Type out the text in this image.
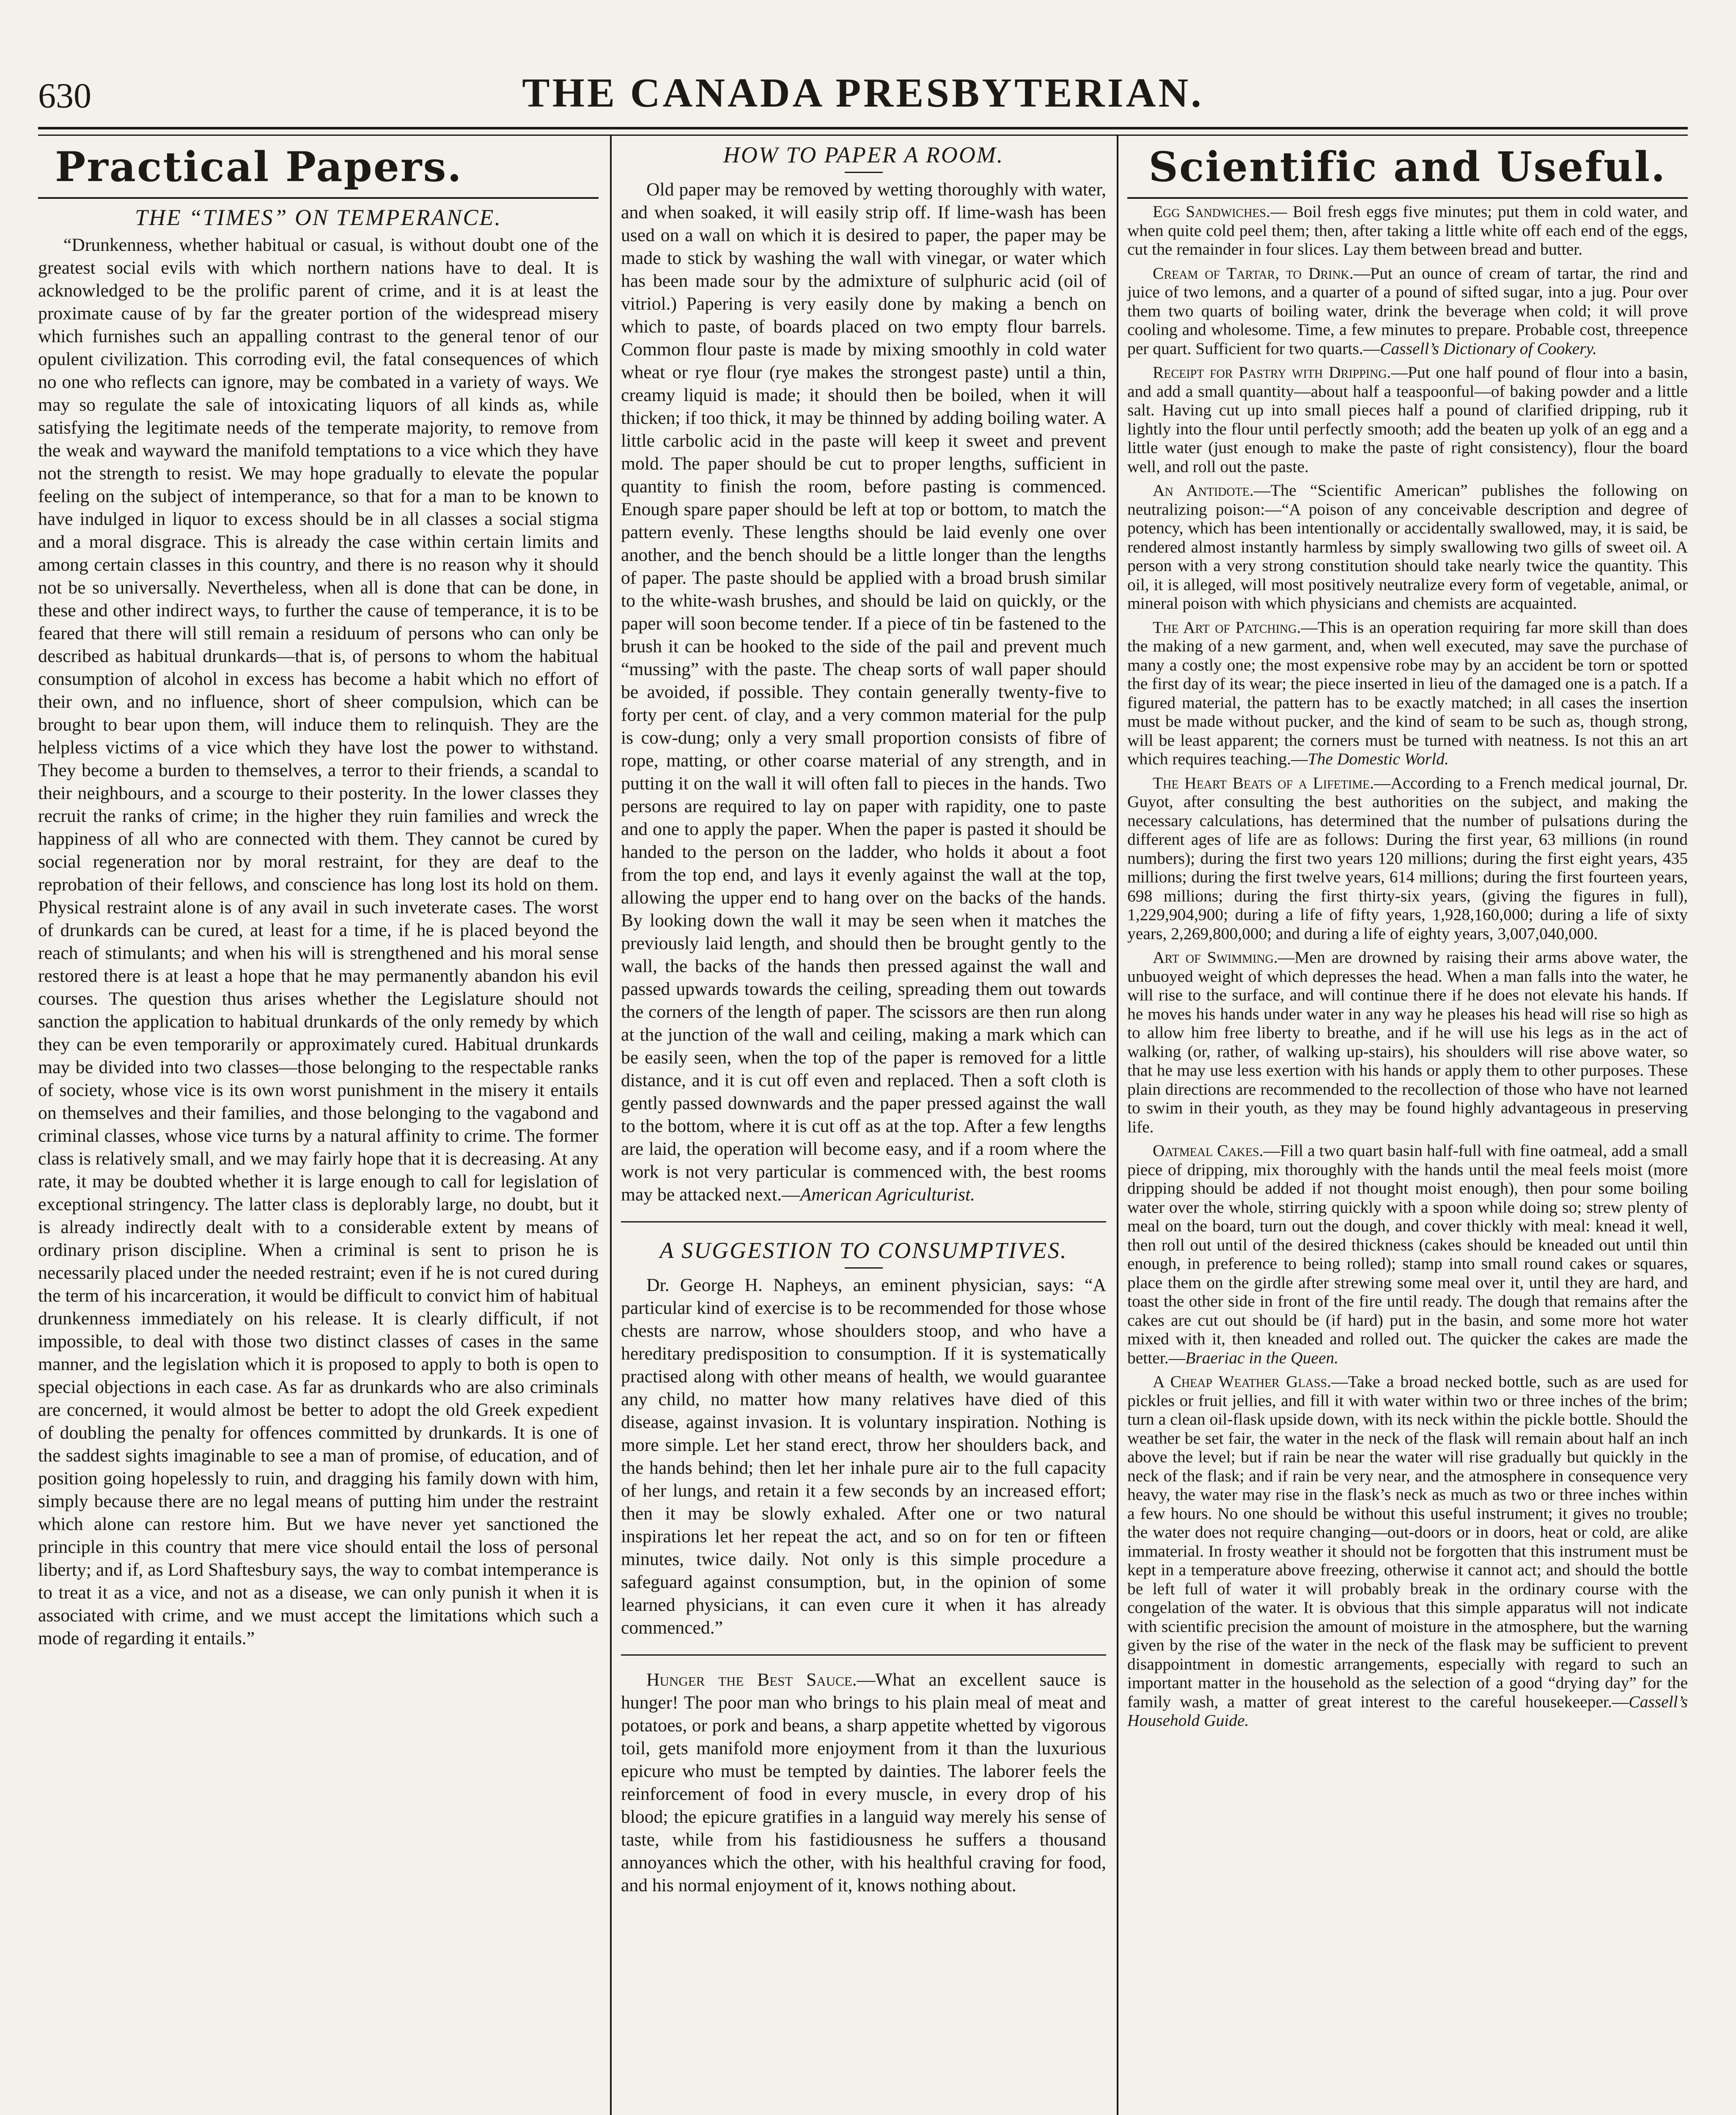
630	THE CANADA PRESBYTERIAN.
Practical Papers.
THE “TIMES” ON TEMPERANCE.

“Drunkenness, whether habitual or casual, is without doubt one of the greatest social evils with which northern nations have to deal. It is acknowledged to be the prolific parent of crime, and it is at least the proximate cause of by far the greater portion of the widespread misery which furnishes such an appalling contrast to the general tenor of our opulent civilization. This corroding evil, the fatal consequences of which no one who reflects can ignore, may be combated in a variety of ways. We may so regulate the sale of intoxicating liquors of all kinds as, while satisfying the legitimate needs of the temperate majority, to remove from the weak and wayward the manifold temptations to a vice which they have not the strength to resist. We may hope gradually to elevate the popular feeling on the subject of intemperance, so that for a man to be known to have indulged in liquor to excess should be in all classes a social stigma and a moral disgrace. This is already the case within certain limits and among certain classes in this country, and there is no reason why it should not be so universally. Nevertheless, when all is done that can be done, in these and other indirect ways, to further the cause of temperance, it is to be feared that there will still remain a residuum of persons who can only be described as habitual drunkards—that is, of persons to whom the habitual consumption of alcohol in excess has become a habit which no effort of their own, and no influence, short of sheer compulsion, which can be brought to bear upon them, will induce them to relinquish. They are the helpless victims of a vice which they have lost the power to withstand. They become a burden to themselves, a terror to their friends, a scandal to their neighbours, and a scourge to their posterity. In the lower classes they recruit the ranks of crime; in the higher they ruin families and wreck the happiness of all who are connected with them. They cannot be cured by social regeneration nor by moral restraint, for they are deaf to the reprobation of their fellows, and conscience has long lost its hold on them. Physical restraint alone is of any avail in such inveterate cases. The worst of drunkards can be cured, at least for a time, if he is placed beyond the reach of stimulants; and when his will is strengthened and his moral sense restored there is at least a hope that he may permanently abandon his evil courses. The question thus arises whether the Legislature should not sanction the application to habitual drunkards of the only remedy by which they can be even temporarily or approximately cured. Habitual drunkards may be divided into two classes—those belonging to the respectable ranks of society, whose vice is its own worst punishment in the misery it entails on themselves and their families, and those belonging to the vagabond and criminal classes, whose vice turns by a natural affinity to crime. The former class is relatively small, and we may fairly hope that it is decreasing. At any rate, it may be doubted whether it is large enough to call for legislation of exceptional stringency. The latter class is deplorably large, no doubt, but it is already indirectly dealt with to a considerable extent by means of ordinary prison discipline. When a criminal is sent to prison he is necessarily placed under the needed restraint; even if he is not cured during the term of his incarceration, it would be difficult to convict him of habitual drunkenness immediately on his release. It is clearly difficult, if not impossible, to deal with those two distinct classes of cases in the same manner, and the legislation which it is proposed to apply to both is open to special objections in each case. As far as drunkards who are also criminals are concerned, it would almost be better to adopt the old Greek expedient of doubling the penalty for offences committed by drunkards. It is one of the saddest sights imaginable to see a man of promise, of education, and of position going hopelessly to ruin, and dragging his family down with him, simply because there are no legal means of putting him under the restraint which alone can restore him. But we have never yet sanctioned the principle in this country that mere vice should entail the loss of personal liberty; and if, as Lord Shaftesbury says, the way to combat intemperance is to treat it as a vice, and not as a disease, we can only punish it when it is associated with crime, and we must accept the limitations which such a mode of regarding it entails.”

HOW TO PAPER A ROOM.

Old paper may be removed by wetting thoroughly with water, and when soaked, it will easily strip off. If lime-wash has been used on a wall on which it is desired to paper, the paper may be made to stick by washing the wall with vinegar, or water which has been made sour by the admixture of sulphuric acid (oil of vitriol.) Papering is very easily done by making a bench on which to paste, of boards placed on two empty flour barrels. Common flour paste is made by mixing smoothly in cold water wheat or rye flour (rye makes the strongest paste) until a thin, creamy liquid is made; it should then be boiled, when it will thicken; if too thick, it may be thinned by adding boiling water. A little carbolic acid in the paste will keep it sweet and prevent mold. The paper should be cut to proper lengths, sufficient in quantity to finish the room, before pasting is commenced. Enough spare paper should be left at top or bottom, to match the pattern evenly. These lengths should be laid evenly one over another, and the bench should be a little longer than the lengths of paper. The paste should be applied with a broad brush similar to the white-wash brushes, and should be laid on quickly, or the paper will soon become tender. If a piece of tin be fastened to the brush it can be hooked to the side of the pail and prevent much “mussing” with the paste. The cheap sorts of wall paper should be avoided, if possible. They contain generally twenty-five to forty per cent. of clay, and a very common material for the pulp is cow-dung; only a very small proportion consists of fibre of rope, matting, or other coarse material of any strength, and in putting it on the wall it will often fall to pieces in the hands. Two persons are required to lay on paper with rapidity, one to paste and one to apply the paper. When the paper is pasted it should be handed to the person on the ladder, who holds it about a foot from the top end, and lays it evenly against the wall at the top, allowing the upper end to hang over on the backs of the hands. By looking down the wall it may be seen when it matches the previously laid length, and should then be brought gently to the wall, the backs of the hands then pressed against the wall and passed upwards towards the ceiling, spreading them out towards the corners of the length of paper. The scissors are then run along at the junction of the wall and ceiling, making a mark which can be easily seen, when the top of the paper is removed for a little distance, and it is cut off even and replaced. Then a soft cloth is gently passed downwards and the paper pressed against the wall to the bottom, where it is cut off as at the top. After a few lengths are laid, the operation will become easy, and if a room where the work is not very particular is commenced with, the best rooms may be attacked next.—American Agriculturist.

A SUGGESTION TO CONSUMPTIVES.

Dr. George H. Napheys, an eminent physician, says: “A particular kind of exercise is to be recommended for those whose chests are narrow, whose shoulders stoop, and who have a hereditary predisposition to consumption. If it is systematically practised along with other means of health, we would guarantee any child, no matter how many relatives have died of this disease, against invasion. It is voluntary inspiration. Nothing is more simple. Let her stand erect, throw her shoulders back, and the hands behind; then let her inhale pure air to the full capacity of her lungs, and retain it a few seconds by an increased effort; then it may be slowly exhaled. After one or two natural inspirations let her repeat the act, and so on for ten or fifteen minutes, twice daily. Not only is this simple procedure a safeguard against consumption, but, in the opinion of some learned physicians, it can even cure it when it has already commenced.”

Hunger the Best Sauce.—What an excellent sauce is hunger! The poor man who brings to his plain meal of meat and potatoes, or pork and beans, a sharp appetite whetted by vigorous toil, gets manifold more enjoyment from it than the luxurious epicure who must be tempted by dainties. The laborer feels the reinforcement of food in every muscle, in every drop of his blood; the epicure gratifies in a languid way merely his sense of taste, while from his fastidiousness he suffers a thousand annoyances which the other, with his healthful craving for food, and his normal enjoyment of it, knows nothing about.

Scientific and Useful.

Egg Sandwiches.— Boil fresh eggs five minutes; put them in cold water, and when quite cold peel them; then, after taking a little white off each end of the eggs, cut the remainder in four slices. Lay them between bread and butter.

Cream of Tartar, to Drink.—Put an ounce of cream of tartar, the rind and juice of two lemons, and a quarter of a pound of sifted sugar, into a jug. Pour over them two quarts of boiling water, drink the beverage when cold; it will prove cooling and wholesome. Time, a few minutes to prepare. Probable cost, threepence per quart. Sufficient for two quarts.—Cassell’s Dictionary of Cookery.

Receipt for Pastry with Dripping.—Put one half pound of flour into a basin, and add a small quantity—about half a teaspoonful—of baking powder and a little salt. Having cut up into small pieces half a pound of clarified dripping, rub it lightly into the flour until perfectly smooth; add the beaten up yolk of an egg and a little water (just enough to make the paste of right consistency), flour the board well, and roll out the paste.

An Antidote.—The “Scientific American” publishes the following on neutralizing poison:—“A poison of any conceivable description and degree of potency, which has been intentionally or accidentally swallowed, may, it is said, be rendered almost instantly harmless by simply swallowing two gills of sweet oil. A person with a very strong constitution should take nearly twice the quantity. This oil, it is alleged, will most positively neutralize every form of vegetable, animal, or mineral poison with which physicians and chemists are acquainted.

The Art of Patching.—This is an operation requiring far more skill than does the making of a new garment, and, when well executed, may save the purchase of many a costly one; the most expensive robe may by an accident be torn or spotted the first day of its wear; the piece inserted in lieu of the damaged one is a patch. If a figured material, the pattern has to be exactly matched; in all cases the insertion must be made without pucker, and the kind of seam to be such as, though strong, will be least apparent; the corners must be turned with neatness. Is not this an art which requires teaching.—The Domestic World.

The Heart Beats of a Lifetime.—According to a French medical journal, Dr. Guyot, after consulting the best authorities on the subject, and making the necessary calculations, has determined that the number of pulsations during the different ages of life are as follows: During the first year, 63 millions (in round numbers); during the first two years 120 millions; during the first eight years, 435 millions; during the first twelve years, 614 millions; during the first fourteen years, 698 millions; during the first thirty-six years, (giving the figures in full), 1,229,904,900; during a life of fifty years, 1,928,160,000; during a life of sixty years, 2,269,800,000; and during a life of eighty years, 3,007,040,000.

Art of Swimming.—Men are drowned by raising their arms above water, the unbuoyed weight of which depresses the head. When a man falls into the water, he will rise to the surface, and will continue there if he does not elevate his hands. If he moves his hands under water in any way he pleases his head will rise so high as to allow him free liberty to breathe, and if he will use his legs as in the act of walking (or, rather, of walking up-stairs), his shoulders will rise above water, so that he may use less exertion with his hands or apply them to other purposes. These plain directions are recommended to the recollection of those who have not learned to swim in their youth, as they may be found highly advantageous in preserving life.

Oatmeal Cakes.—Fill a two quart basin half-full with fine oatmeal, add a small piece of dripping, mix thoroughly with the hands until the meal feels moist (more dripping should be added if not thought moist enough), then pour some boiling water over the whole, stirring quickly with a spoon while doing so; strew plenty of meal on the board, turn out the dough, and cover thickly with meal: knead it well, then roll out until of the desired thickness (cakes should be kneaded out until thin enough, in preference to being rolled); stamp into small round cakes or squares, place them on the girdle after strewing some meal over it, until they are hard, and toast the other side in front of the fire until ready. The dough that remains after the cakes are cut out should be (if hard) put in the basin, and some more hot water mixed with it, then kneaded and rolled out. The quicker the cakes are made the better.—Braeriac in the Queen.

A Cheap Weather Glass.—Take a broad necked bottle, such as are used for pickles or fruit jellies, and fill it with water within two or three inches of the brim; turn a clean oil-flask upside down, with its neck within the pickle bottle. Should the weather be set fair, the water in the neck of the flask will remain about half an inch above the level; but if rain be near the water will rise gradually but quickly in the neck of the flask; and if rain be very near, and the atmosphere in consequence very heavy, the water may rise in the flask’s neck as much as two or three inches within a few hours. No one should be without this useful instrument; it gives no trouble; the water does not require changing—out-doors or in doors, heat or cold, are alike immaterial. In frosty weather it should not be forgotten that this instrument must be kept in a temperature above freezing, otherwise it cannot act; and should the bottle be left full of water it will probably break in the ordinary course with the congelation of the water. It is obvious that this simple apparatus will not indicate with scientific precision the amount of moisture in the atmosphere, but the warning given by the rise of the water in the neck of the flask may be sufficient to prevent disappointment in domestic arrangements, especially with regard to such an important matter in the household as the selection of a good “drying day” for the family wash, a matter of great interest to the careful housekeeper.—Cassell’s Household Guide.
